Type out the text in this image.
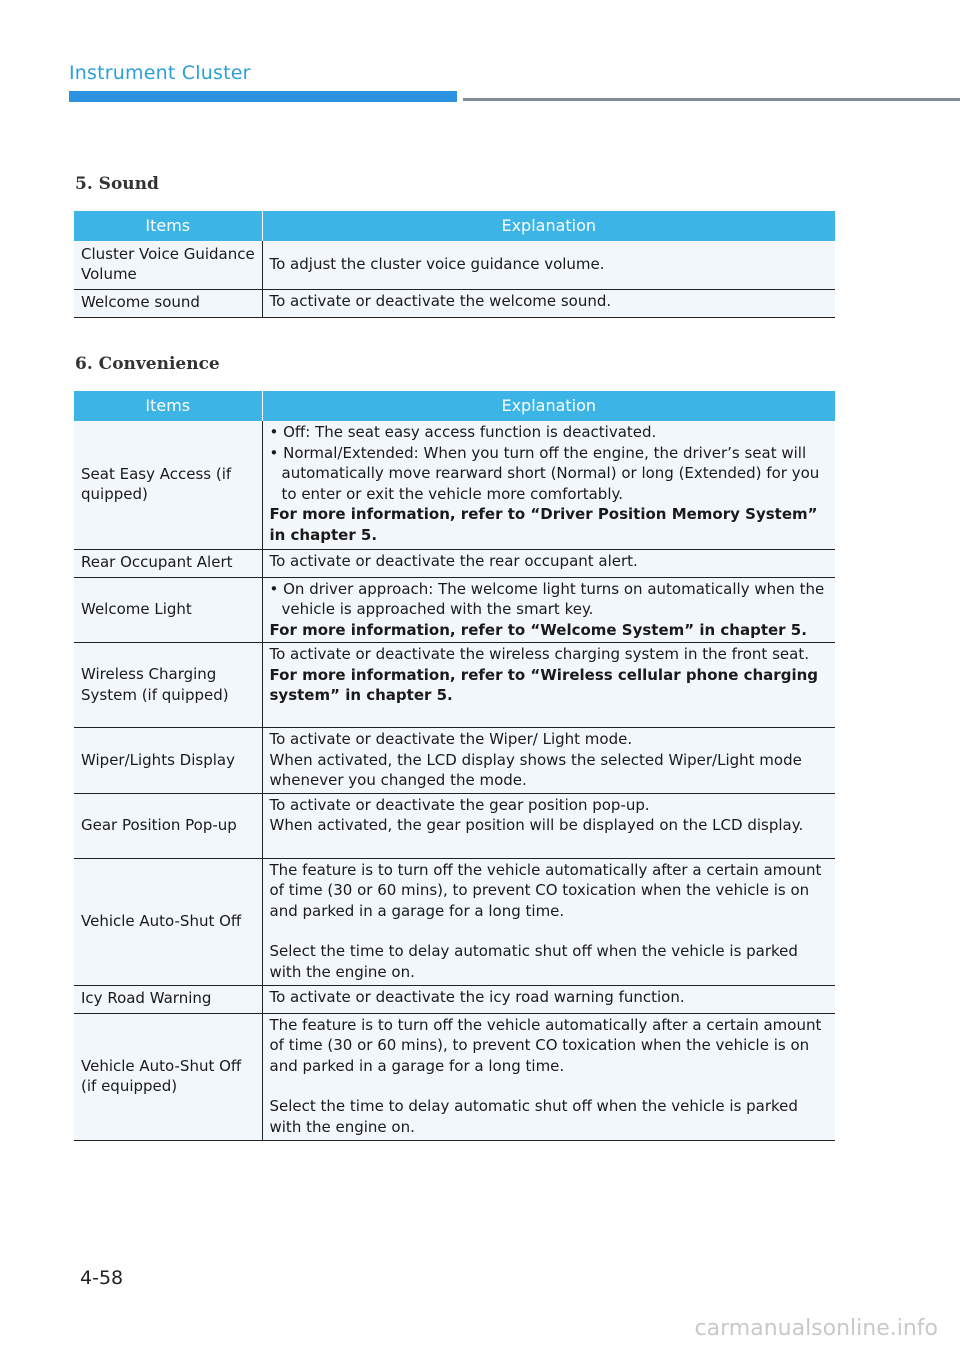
Instrument Cluster
5. Sound
Items	Explanation
Cluster Voice Guidance Volume	To adjust the cluster voice guidance volume.
Welcome sound	To activate or deactivate the welcome sound.
6. Convenience
Items	Explanation
Seat Easy Access (if quipped)	• Off: The seat easy access function is deactivated.
• Normal/Extended: When you turn off the engine, the driver’s seat will automatically move rearward short (Normal) or long (Extended) for you to enter or exit the vehicle more comfortably.
For more information, refer to “Driver Position Memory System” in chapter 5.

Rear Occupant Alert	To activate or deactivate the rear occupant alert.
Welcome Light	• On driver approach: The welcome light turns on automatically when the vehicle is approached with the smart key.
For more information, refer to “Welcome System” in chapter 5.

Wireless Charging System (if quipped)	To activate or deactivate the wireless charging system in the front seat.
For more information, refer to “Wireless cellular phone charging system” in chapter 5.

Wiper/Lights Display	To activate or deactivate the Wiper/ Light mode.
When activated, the LCD display shows the selected Wiper/Light mode whenever you changed the mode.

Gear Position Pop-up	To activate or deactivate the gear position pop-up.
When activated, the gear position will be displayed on the LCD display.

Vehicle Auto-Shut Off	The feature is to turn off the vehicle automatically after a certain amount of time (30 or 60 mins), to prevent CO toxication when the vehicle is on and parked in a garage for a long time.
Select the time to delay automatic shut off when the vehicle is parked with the engine on.

Icy Road Warning	To activate or deactivate the icy road warning function.
Vehicle Auto-Shut Off (if equipped)	The feature is to turn off the vehicle automatically after a certain amount of time (30 or 60 mins), to prevent CO toxication when the vehicle is on and parked in a garage for a long time.
Select the time to delay automatic shut off when the vehicle is parked with the engine on.
4-58
carmanualsonline.info
